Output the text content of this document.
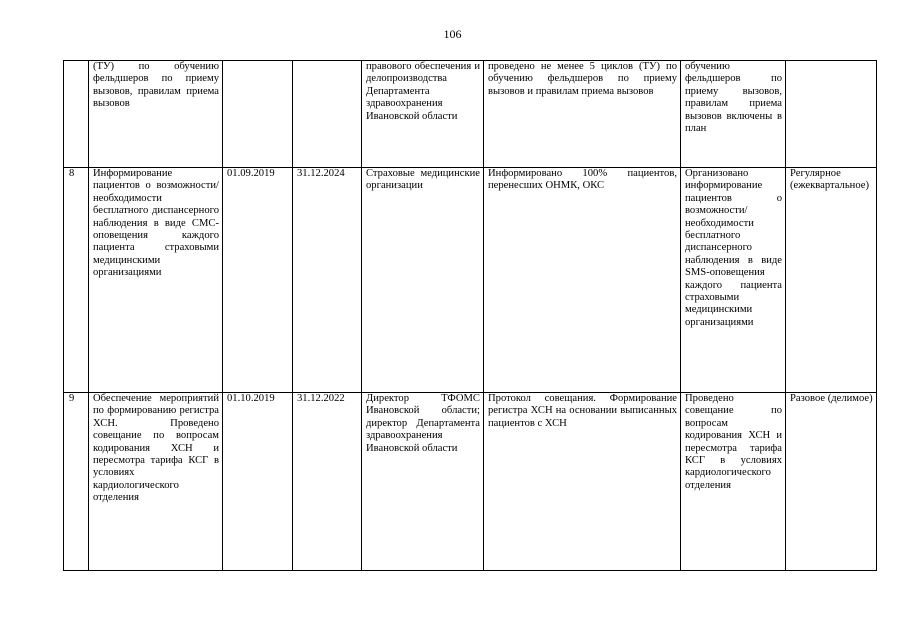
106
	(ТУ) по обучению фельдшеров по приему вызовов, правилам приема вызовов			правового обеспечения и делопроизводства Департамента здравоохранения Ивановской области	проведено не менее 5 циклов (ТУ) по обучению фельдшеров по приему вызовов и правилам приема вызовов	обучению фельдшеров по приему вызовов, правилам приема вызовов включены в план	
8	Информирование пациентов о возможности/необходимости бесплатного диспансерного наблюдения в виде СМС-оповещения каждого пациента страховыми медицинскими организациями	01.09.2019	31.12.2024	Страховые медицинские организации	Информировано 100% пациентов, перенесших ОНМК, ОКС	Организовано информирование пациентов о возможности/необходимости бесплатного диспансерного наблюдения в виде SMS-оповещения каждого пациента страховыми медицинскими организациями	Регулярное (ежеквартальное)
9	Обеспечение мероприятий по формированию регистра ХСН. Проведено совещание по вопросам кодирования ХСН и пересмотра тарифа КСГ в условиях кардиологического отделения	01.10.2019	31.12.2022	Директор ТФОМС Ивановской области; директор Департамента здравоохранения Ивановской области	Протокол совещания. Формирование регистра ХСН на основании выписанных пациентов с ХСН	Проведено совещание по вопросам кодирования ХСН и пересмотра тарифа КСГ в условиях кардиологического отделения	Разовое (делимое)
